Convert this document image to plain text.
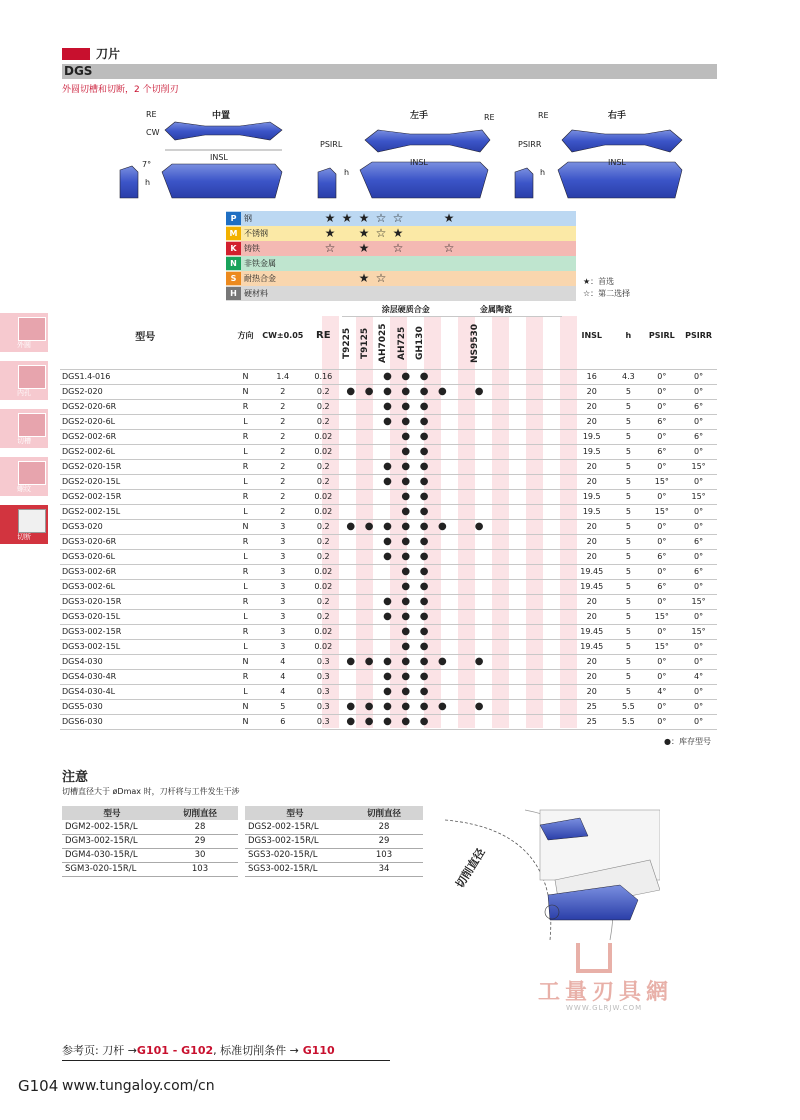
刀片
DGS
外圆切槽和切断，2 个切削刃
中置	左手	右手
RE
CW
INSL
RE
PSIRL
INSL
RE
PSIRR
INSL
7°
h
h	h
外圆
内孔
切槽
螺纹
切断
P 钢	★ ★ ★ ☆ ☆	★
M 不锈钢	★ ★ ☆ ★
K 铸铁	☆ ★ ☆	☆
N 非铁金属
S 耐热合金	★ ☆
H 硬材料
★：首选
☆：第二选择
型号	方向	CW±0.05	RE	涂层硬质合金							金属陶瓷						INSL	h	PSIRL	PSIRR

				T9225	T9125	AH7025	AH725	GH130			NS9530									

DGS1.4-016	N	1.4	0.16			●	●	●									16	4.3	0°	0°
DGS2-020	N	2	0.2	●	●	●	●	●	●		●						20	5	0°	0°
DGS2-020-6R	R	2	0.2			●	●	●									20	5	0°	6°
DGS2-020-6L	L	2	0.2			●	●	●									20	5	6°	0°
DGS2-002-6R	R	2	0.02				●	●									19.5	5	0°	6°
DGS2-002-6L	L	2	0.02				●	●									19.5	5	6°	0°
DGS2-020-15R	R	2	0.2			●	●	●									20	5	0°	15°
DGS2-020-15L	L	2	0.2			●	●	●									20	5	15°	0°
DGS2-002-15R	R	2	0.02				●	●									19.5	5	0°	15°
DGS2-002-15L	L	2	0.02				●	●									19.5	5	15°	0°
DGS3-020	N	3	0.2	●	●	●	●	●	●		●						20	5	0°	0°
DGS3-020-6R	R	3	0.2			●	●	●									20	5	0°	6°
DGS3-020-6L	L	3	0.2			●	●	●									20	5	6°	0°
DGS3-002-6R	R	3	0.02				●	●									19.45	5	0°	6°
DGS3-002-6L	L	3	0.02				●	●									19.45	5	6°	0°
DGS3-020-15R	R	3	0.2			●	●	●									20	5	0°	15°
DGS3-020-15L	L	3	0.2			●	●	●									20	5	15°	0°
DGS3-002-15R	R	3	0.02				●	●									19.45	5	0°	15°
DGS3-002-15L	L	3	0.02				●	●									19.45	5	15°	0°
DGS4-030	N	4	0.3	●	●	●	●	●	●		●						20	5	0°	0°
DGS4-030-4R	R	4	0.3			●	●	●									20	5	0°	4°
DGS4-030-4L	L	4	0.3			●	●	●									20	5	4°	0°
DGS5-030	N	5	0.3	●	●	●	●	●	●		●						25	5.5	0°	0°
DGS6-030	N	6	0.3	●	●	●	●	●									25	5.5	0°	0°
●：库存型号
注意
切槽直径大于 øDmax 时，刀杆将与工件发生干涉
型号	切削直径
DGM2-002-15R/L	28
DGM3-002-15R/L	29
DGM4-030-15R/L	30
SGM3-020-15R/L	103
型号	切削直径
DGS2-002-15R/L	28
DGS3-002-15R/L	29
SGS3-020-15R/L	103
SGS3-002-15R/L	34	切削直径
工量刃具網
WWW.GLRJW.COM
参考页: 刀杆 →G101 - G102, 标准切削条件 → G110
G104 www.tungaloy.com/cn
